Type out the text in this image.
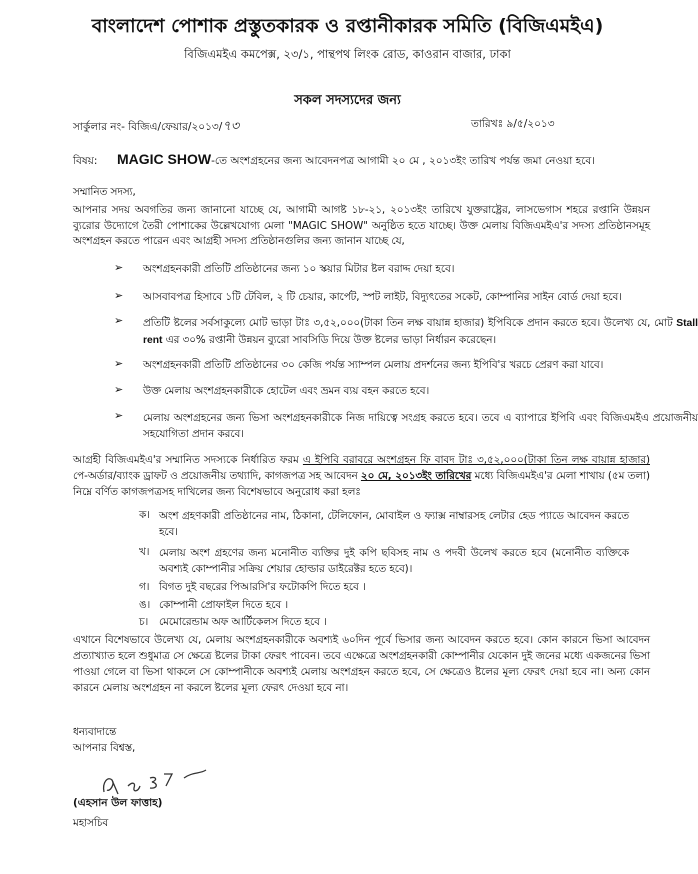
বাংলাদেশ পোশাক প্রস্তুতকারক ও রপ্তানীকারক সমিতি (বিজিএমইএ)
বিজিএমইএ কমপেক্স, ২৩/১, পান্থপথ লিংক রোড, কাওরান বাজার, ঢাকা
সকল সদস্যদের জন্য
সার্কুলার নং- বিজিএ/ফেয়ার/২০১৩/৭৩	তারিখঃ ৯/৫/২০১৩
বিষয়: MAGIC SHOW-তে অংশগ্রহনের জন্য আবেদনপত্র আগামী ২০ মে , ২০১৩ইং তারিখ পর্যন্ত জমা নেওয়া হবে।
সম্মানিত সদস্য,
আপনার সদয় অবগতির জন্য জানানো যাচ্ছে যে, আগামী আগষ্ট ১৮-২১, ২০১৩ইং তারিখে যুক্তরাষ্ট্রের, লাসভেগাস শহরে রপ্তানি উন্নয়ন ব্যুরোর উদ্যোগে তৈরী পোশাকের উল্লেখযোগ্য মেলা "MAGIC SHOW" অনুষ্ঠিত হতে যাচ্ছে। উক্ত মেলায় বিজিএমইএ'র সদস্য প্রতিষ্ঠানসমূহ অংশগ্রহন করতে পারেন এবং আগ্রহী সদস্য প্রতিষ্ঠানগুলির জন্য জানান যাচ্ছে যে,
➢ অংশগ্রহনকারী প্রতিটি প্রতিষ্ঠানের জন্য ১০ স্কয়ার মিটার ষ্টল বরাদ্দ দেয়া হবে।
➢ আসবাবপত্র হিসাবে ১টি টেবিল, ২ টি চেয়ার, কার্পেট, স্পট লাইট, বিদ্যুৎতের সকেট, কোম্পানির সাইন বোর্ড দেয়া হবে।
➢ প্রতিটি ষ্টলের সর্বসাকুল্যে মোট ভাড়া টাঃ ৩,৫২,০০০(টাকা তিন লক্ষ বায়ান্ন হাজার) ইপিবিকে প্রদান করতে হবে। উলেখ্য যে, মোট Stall rent এর ৩০% রপ্তানী উন্নয়ন ব্যুরো সাবসিডি দিয়ে উক্ত ষ্টলের ভাড়া নির্ধারন করেছেন।
➢ অংশগ্রহনকারী প্রতিটি প্রতিষ্ঠানের ৩০ কেজি পর্যন্ত স্যাম্পল মেলায় প্রদর্শনের জন্য ইপিবি'র খরচে প্রেরণ করা যাবে।
➢ উক্ত মেলায় অংশগ্রহনকারীকে হোটেল এবং ভ্রমন ব্যয় বহন করতে হবে।
➢ মেলায় অংশগ্রহনের জন্য ভিসা অংশগ্রহনকারীকে নিজ দায়িত্বে সংগ্রহ করতে হবে। তবে এ ব্যাপারে ইপিবি এবং বিজিএমইএ প্রয়োজনীয় সহযোগিতা প্রদান করবে।
আগ্রহী বিজিএমইএ'র সম্মানিত সদস্যকে নির্ধারিত ফরম এ ইপিবি বরাবরে অংশগ্রহন ফি বাবদ টাঃ ৩,৫২,০০০(টাকা তিন লক্ষ বায়ান্ন হাজার) পে-অর্ডার/ব্যাংক ড্রাফট ও প্রয়োজনীয় তথ্যাদি, কাগজপত্র সহ আবেদন ২০ মে, ২০১৩ইং তারিখের মধ্যে বিজিএমইএ'র মেলা শাখায় (৫ম তলা) নিম্নে বর্ণিত কাগজপত্রসহ দাখিলের জন্য বিশেষভাবে অনুরোধ করা হলঃ
ক। অংশ গ্রহণকারী প্রতিষ্ঠানের নাম, ঠিকানা, টেলিফোন, মোবাইল ও ফ্যাক্স নাম্বারসহ লেটার হেড প্যাডে আবেদন করতে হবে।
খ। মেলায় অংশ গ্রহণের জন্য মনোনীত ব্যক্তির দুই কপি ছবিসহ নাম ও পদবী উলেখ করতে হবে (মনোনীত ব্যক্তিকে অবশ্যই কোম্পানীর সক্রিয় শেয়ার হোল্ডার ডাইরেক্টর হতে হবে)।
গ। বিগত দুই বছরের পিআরসি'র ফটোকপি দিতে হবে ।
ঙ। কোম্পানী প্রোফাইল দিতে হবে ।
চ। মেমোরেন্ডাম অফ আর্টিকেলস দিতে হবে ।
এখানে বিশেষভাবে উলেখ্য যে, মেলায় অংশগ্রহনকারীকে অবশ্যই ৬০দিন পূর্বে ভিসার জন্য আবেদন করতে হবে। কোন কারনে ভিসা আবেদন প্রত্যাখ্যাত হলে শুধুমাত্র সে ক্ষেত্রে ষ্টলের টাকা ফেরৎ পাবেন। তবে এক্ষেত্রে অংশগ্রহনকারী কোম্পানীর যেকোন দুই জনের মধ্যে একজনের ভিসা পাওয়া গেলে বা ভিসা থাকলে সে কোম্পানীকে অবশ্যই মেলায় অংশগ্রহন করতে হবে, সে ক্ষেত্রেও ষ্টলের মূল্য ফেরৎ দেয়া হবে না। অন্য কোন কারনে মেলায় অংশগ্রহন না করলে ষ্টলের মূল্য ফেরৎ দেওয়া হবে না।
ধন্যবাদান্তে
আপনার বিশ্বস্ত,
(এহসান উল ফাত্তাহ)
মহাসচিব
